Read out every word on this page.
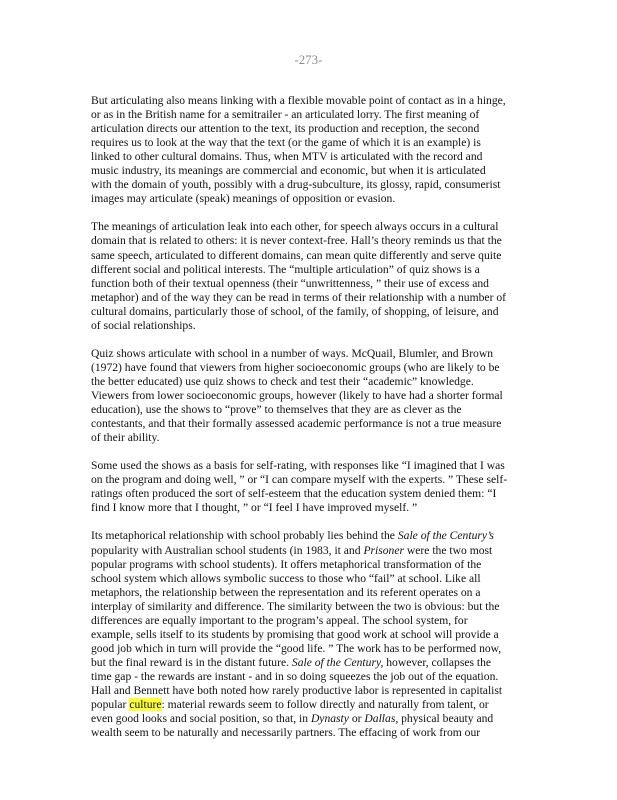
-273-

But articulating also means linking with a flexible movable point of contact as in a hinge,
or as in the British name for a semitrailer - an articulated lorry. The first meaning of
articulation directs our attention to the text, its production and reception, the second
requires us to look at the way that the text (or the game of which it is an example) is
linked to other cultural domains. Thus, when MTV is articulated with the record and
music industry, its meanings are commercial and economic, but when it is articulated
with the domain of youth, possibly with a drug-subculture, its glossy, rapid, consumerist
images may articulate (speak) meanings of opposition or evasion.

The meanings of articulation leak into each other, for speech always occurs in a cultural
domain that is related to others: it is never context-free. Hall’s theory reminds us that the
same speech, articulated to different domains, can mean quite differently and serve quite
different social and political interests. The “multiple articulation” of quiz shows is a
function both of their textual openness (their “unwrittenness, ” their use of excess and
metaphor) and of the way they can be read in terms of their relationship with a number of
cultural domains, particularly those of school, of the family, of shopping, of leisure, and
of social relationships.

Quiz shows articulate with school in a number of ways. McQuail, Blumler, and Brown
(1972) have found that viewers from higher socioeconomic groups (who are likely to be
the better educated) use quiz shows to check and test their “academic” knowledge.
Viewers from lower socioeconomic groups, however (likely to have had a shorter formal
education), use the shows to “prove” to themselves that they are as clever as the
contestants, and that their formally assessed academic performance is not a true measure
of their ability.

Some used the shows as a basis for self-rating, with responses like “I imagined that I was
on the program and doing well, ” or “I can compare myself with the experts. ” These self-
ratings often produced the sort of self-esteem that the education system denied them: “I
find I know more that I thought, ” or “I feel I have improved myself. ”

Its metaphorical relationship with school probably lies behind the Sale of the Century’s
popularity with Australian school students (in 1983, it and Prisoner were the two most
popular programs with school students). It offers metaphorical transformation of the
school system which allows symbolic success to those who “fail” at school. Like all
metaphors, the relationship between the representation and its referent operates on a
interplay of similarity and difference. The similarity between the two is obvious: but the
differences are equally important to the program’s appeal. The school system, for
example, sells itself to its students by promising that good work at school will provide a
good job which in turn will provide the “good life. ” The work has to be performed now,
but the final reward is in the distant future. Sale of the Century, however, collapses the
time gap - the rewards are instant - and in so doing squeezes the job out of the equation.
Hall and Bennett have both noted how rarely productive labor is represented in capitalist
popular culture: material rewards seem to follow directly and naturally from talent, or
even good looks and social position, so that, in Dynasty or Dallas, physical beauty and
wealth seem to be naturally and necessarily partners. The effacing of work from our
